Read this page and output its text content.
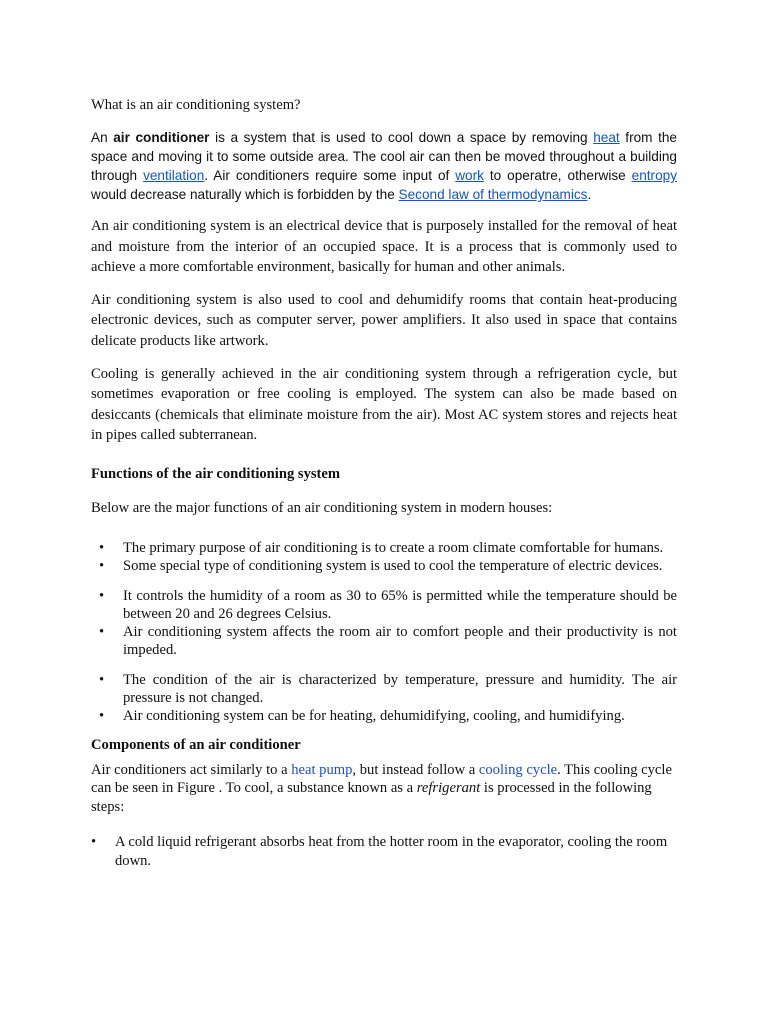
What is an air conditioning system?

An air conditioner is a system that is used to cool down a space by removing heat from the space and moving it to some outside area. The cool air can then be moved throughout a building through ventilation. Air conditioners require some input of work to operatre, otherwise entropy would decrease naturally which is forbidden by the Second law of thermodynamics.

An air conditioning system is an electrical device that is purposely installed for the removal of heat and moisture from the interior of an occupied space. It is a process that is commonly used to achieve a more comfortable environment, basically for human and other animals.

Air conditioning system is also used to cool and dehumidify rooms that contain heat-producing electronic devices, such as computer server, power amplifiers. It also used in space that contains delicate products like artwork.

Cooling is generally achieved in the air conditioning system through a refrigeration cycle, but sometimes evaporation or free cooling is employed. The system can also be made based on desiccants (chemicals that eliminate moisture from the air). Most AC system stores and rejects heat in pipes called subterranean.

Functions of the air conditioning system

Below are the major functions of an air conditioning system in modern houses:

• The primary purpose of air conditioning is to create a room climate comfortable for humans.
• Some special type of conditioning system is used to cool the temperature of electric devices.
• It controls the humidity of a room as 30 to 65% is permitted while the temperature should be between 20 and 26 degrees Celsius.
• Air conditioning system affects the room air to comfort people and their productivity is not impeded.
• The condition of the air is characterized by temperature, pressure and humidity. The air pressure is not changed.
• Air conditioning system can be for heating, dehumidifying, cooling, and humidifying.

Components of an air conditioner

Air conditioners act similarly to a heat pump, but instead follow a cooling cycle. This cooling cycle can be seen in Figure . To cool, a substance known as a refrigerant is processed in the following steps:

• A cold liquid refrigerant absorbs heat from the hotter room in the evaporator, cooling the room down.
